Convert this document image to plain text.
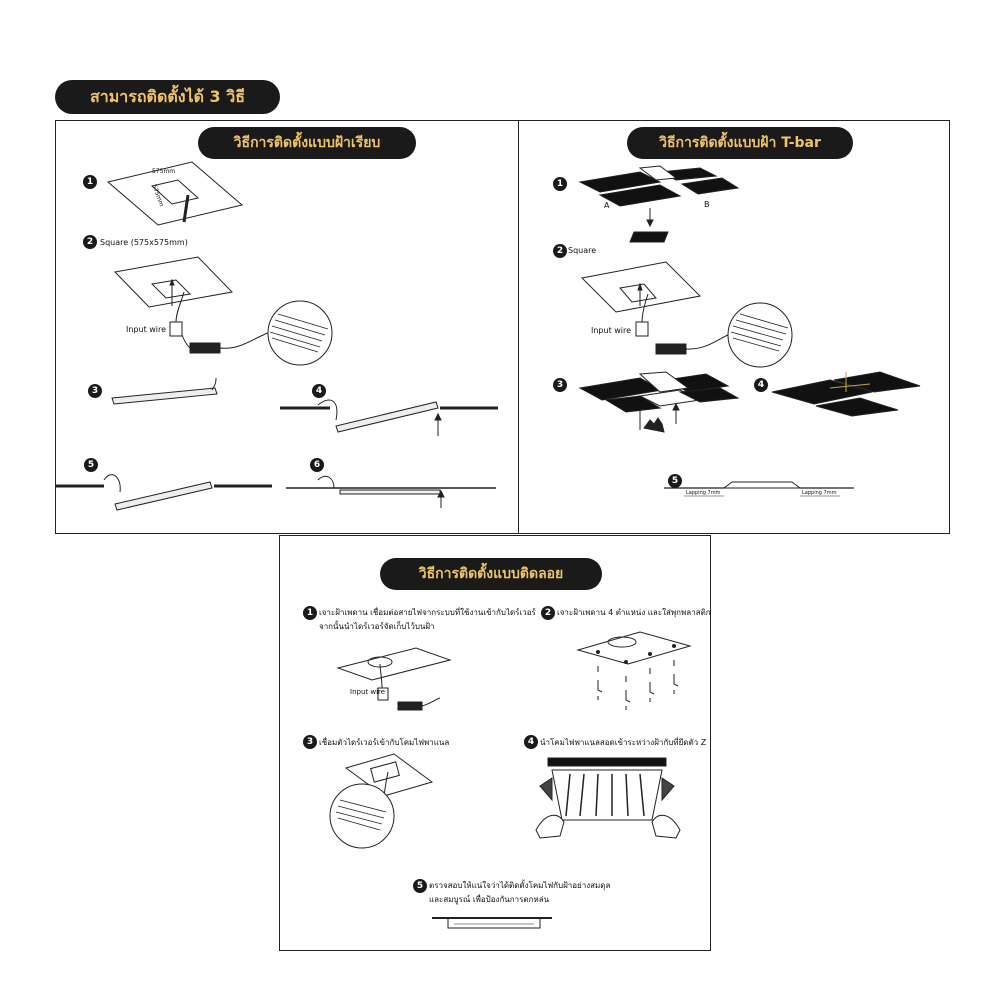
สามารถติดตั้งได้ 3 วิธี
วิธีการติดตั้งแบบฝ้าเรียบ
575mm
575mm
Square (575x575mm)
Input wire
1
2
3	4
5	6
วิธีการติดตั้งแบบฝ้า T-bar
A	B
Square
Input wire
Lapping 7mm	Lapping 7mm
1
2
3	4
5
วิธีการติดตั้งแบบติดลอย
1 เจาะฝ้าเพดาน เชื่อมต่อสายไฟจากระบบที่ใช้งานเข้ากับไดร์เวอร์
จากนั้นนำไดร์เวอร์จัดเก็บไว้บนฝ้า
Input wire
2 เจาะฝ้าเพดาน 4 ตำแหน่ง และใส่พุกพลาสติก
3 เชื่อมตัวไดร์เวอร์เข้ากับโคมไฟพาแนล	4 นำโคมไฟพาแนลสอดเข้าระหว่างฝ้ากับที่ยึดตัว Z
5 ตรวจสอบให้แน่ใจว่าได้ติดตั้งโคมไฟกับฝ้าอย่างสมดุล
และสมบูรณ์ เพื่อป้องกันการตกหล่น
